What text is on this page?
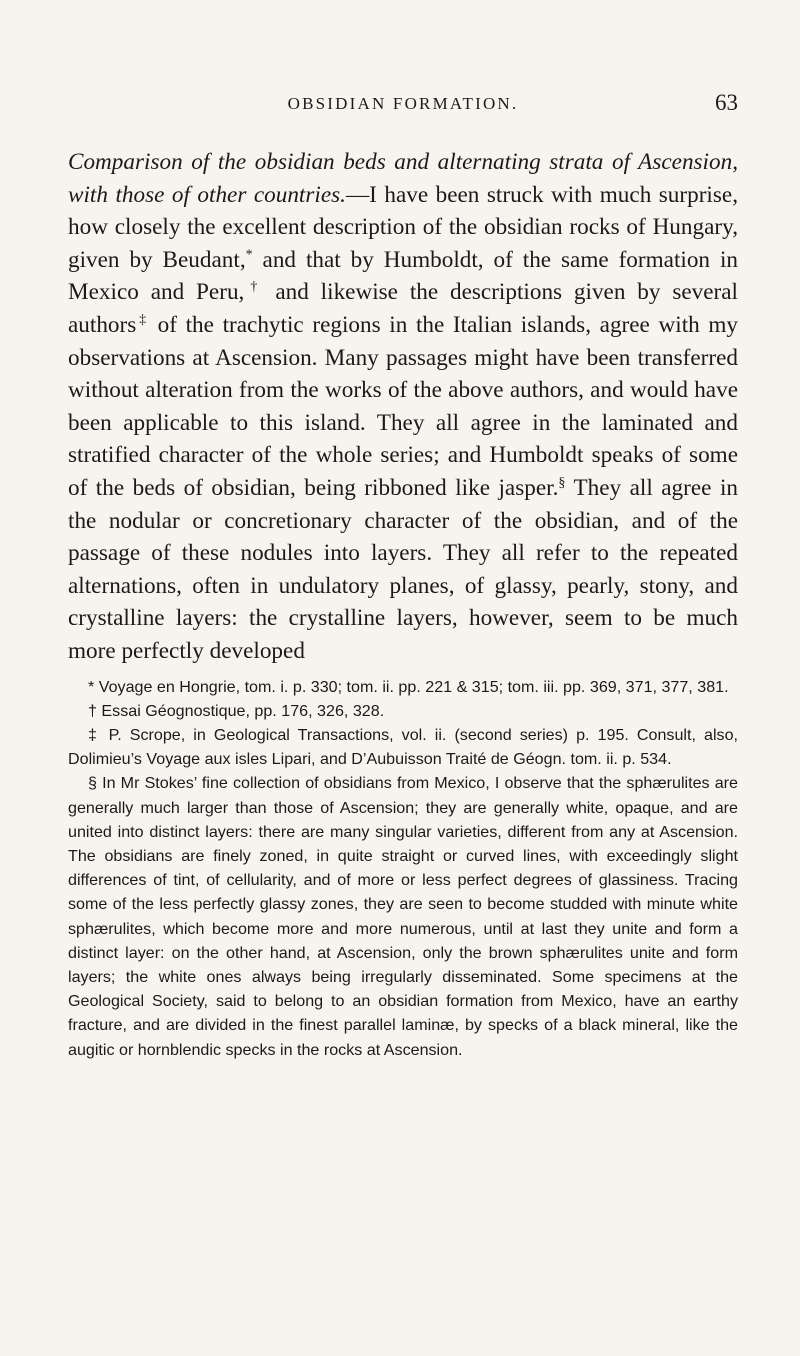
OBSIDIAN FORMATION.	63

Comparison of the obsidian beds and alternating strata of Ascension, with those of other countries.—I have been struck with much surprise, how closely the excellent description of the obsidian rocks of Hungary, given by Beudant,* and that by Humboldt, of the same formation in Mexico and Peru,† and likewise the descriptions given by several authors‡ of the trachytic regions in the Italian islands, agree with my observations at Ascension. Many passages might have been transferred without alteration from the works of the above authors, and would have been applicable to this island. They all agree in the laminated and stratified character of the whole series; and Humboldt speaks of some of the beds of obsidian, being ribboned like jasper.§ They all agree in the nodular or concretionary character of the obsidian, and of the passage of these nodules into layers. They all refer to the repeated alternations, often in undulatory planes, of glassy, pearly, stony, and crystalline layers: the crystalline layers, however, seem to be much more perfectly developed

* Voyage en Hongrie, tom. i. p. 330; tom. ii. pp. 221 & 315; tom. iii. pp. 369, 371, 377, 381.

† Essai Géognostique, pp. 176, 326, 328.

‡ P. Scrope, in Geological Transactions, vol. ii. (second series) p. 195. Consult, also, Dolimieu’s Voyage aux isles Lipari, and D’Aubuisson Traité de Géogn. tom. ii. p. 534.

§ In Mr Stokes’ fine collection of obsidians from Mexico, I observe that the sphærulites are generally much larger than those of Ascension; they are generally white, opaque, and are united into distinct layers: there are many singular varieties, different from any at Ascension. The obsidians are finely zoned, in quite straight or curved lines, with exceedingly slight differences of tint, of cellularity, and of more or less perfect degrees of glassiness. Tracing some of the less perfectly glassy zones, they are seen to become studded with minute white sphærulites, which become more and more numerous, until at last they unite and form a distinct layer: on the other hand, at Ascension, only the brown sphærulites unite and form layers; the white ones always being irregularly disseminated. Some specimens at the Geological Society, said to belong to an obsidian formation from Mexico, have an earthy fracture, and are divided in the finest parallel laminæ, by specks of a black mineral, like the augitic or hornblendic specks in the rocks at Ascension.
